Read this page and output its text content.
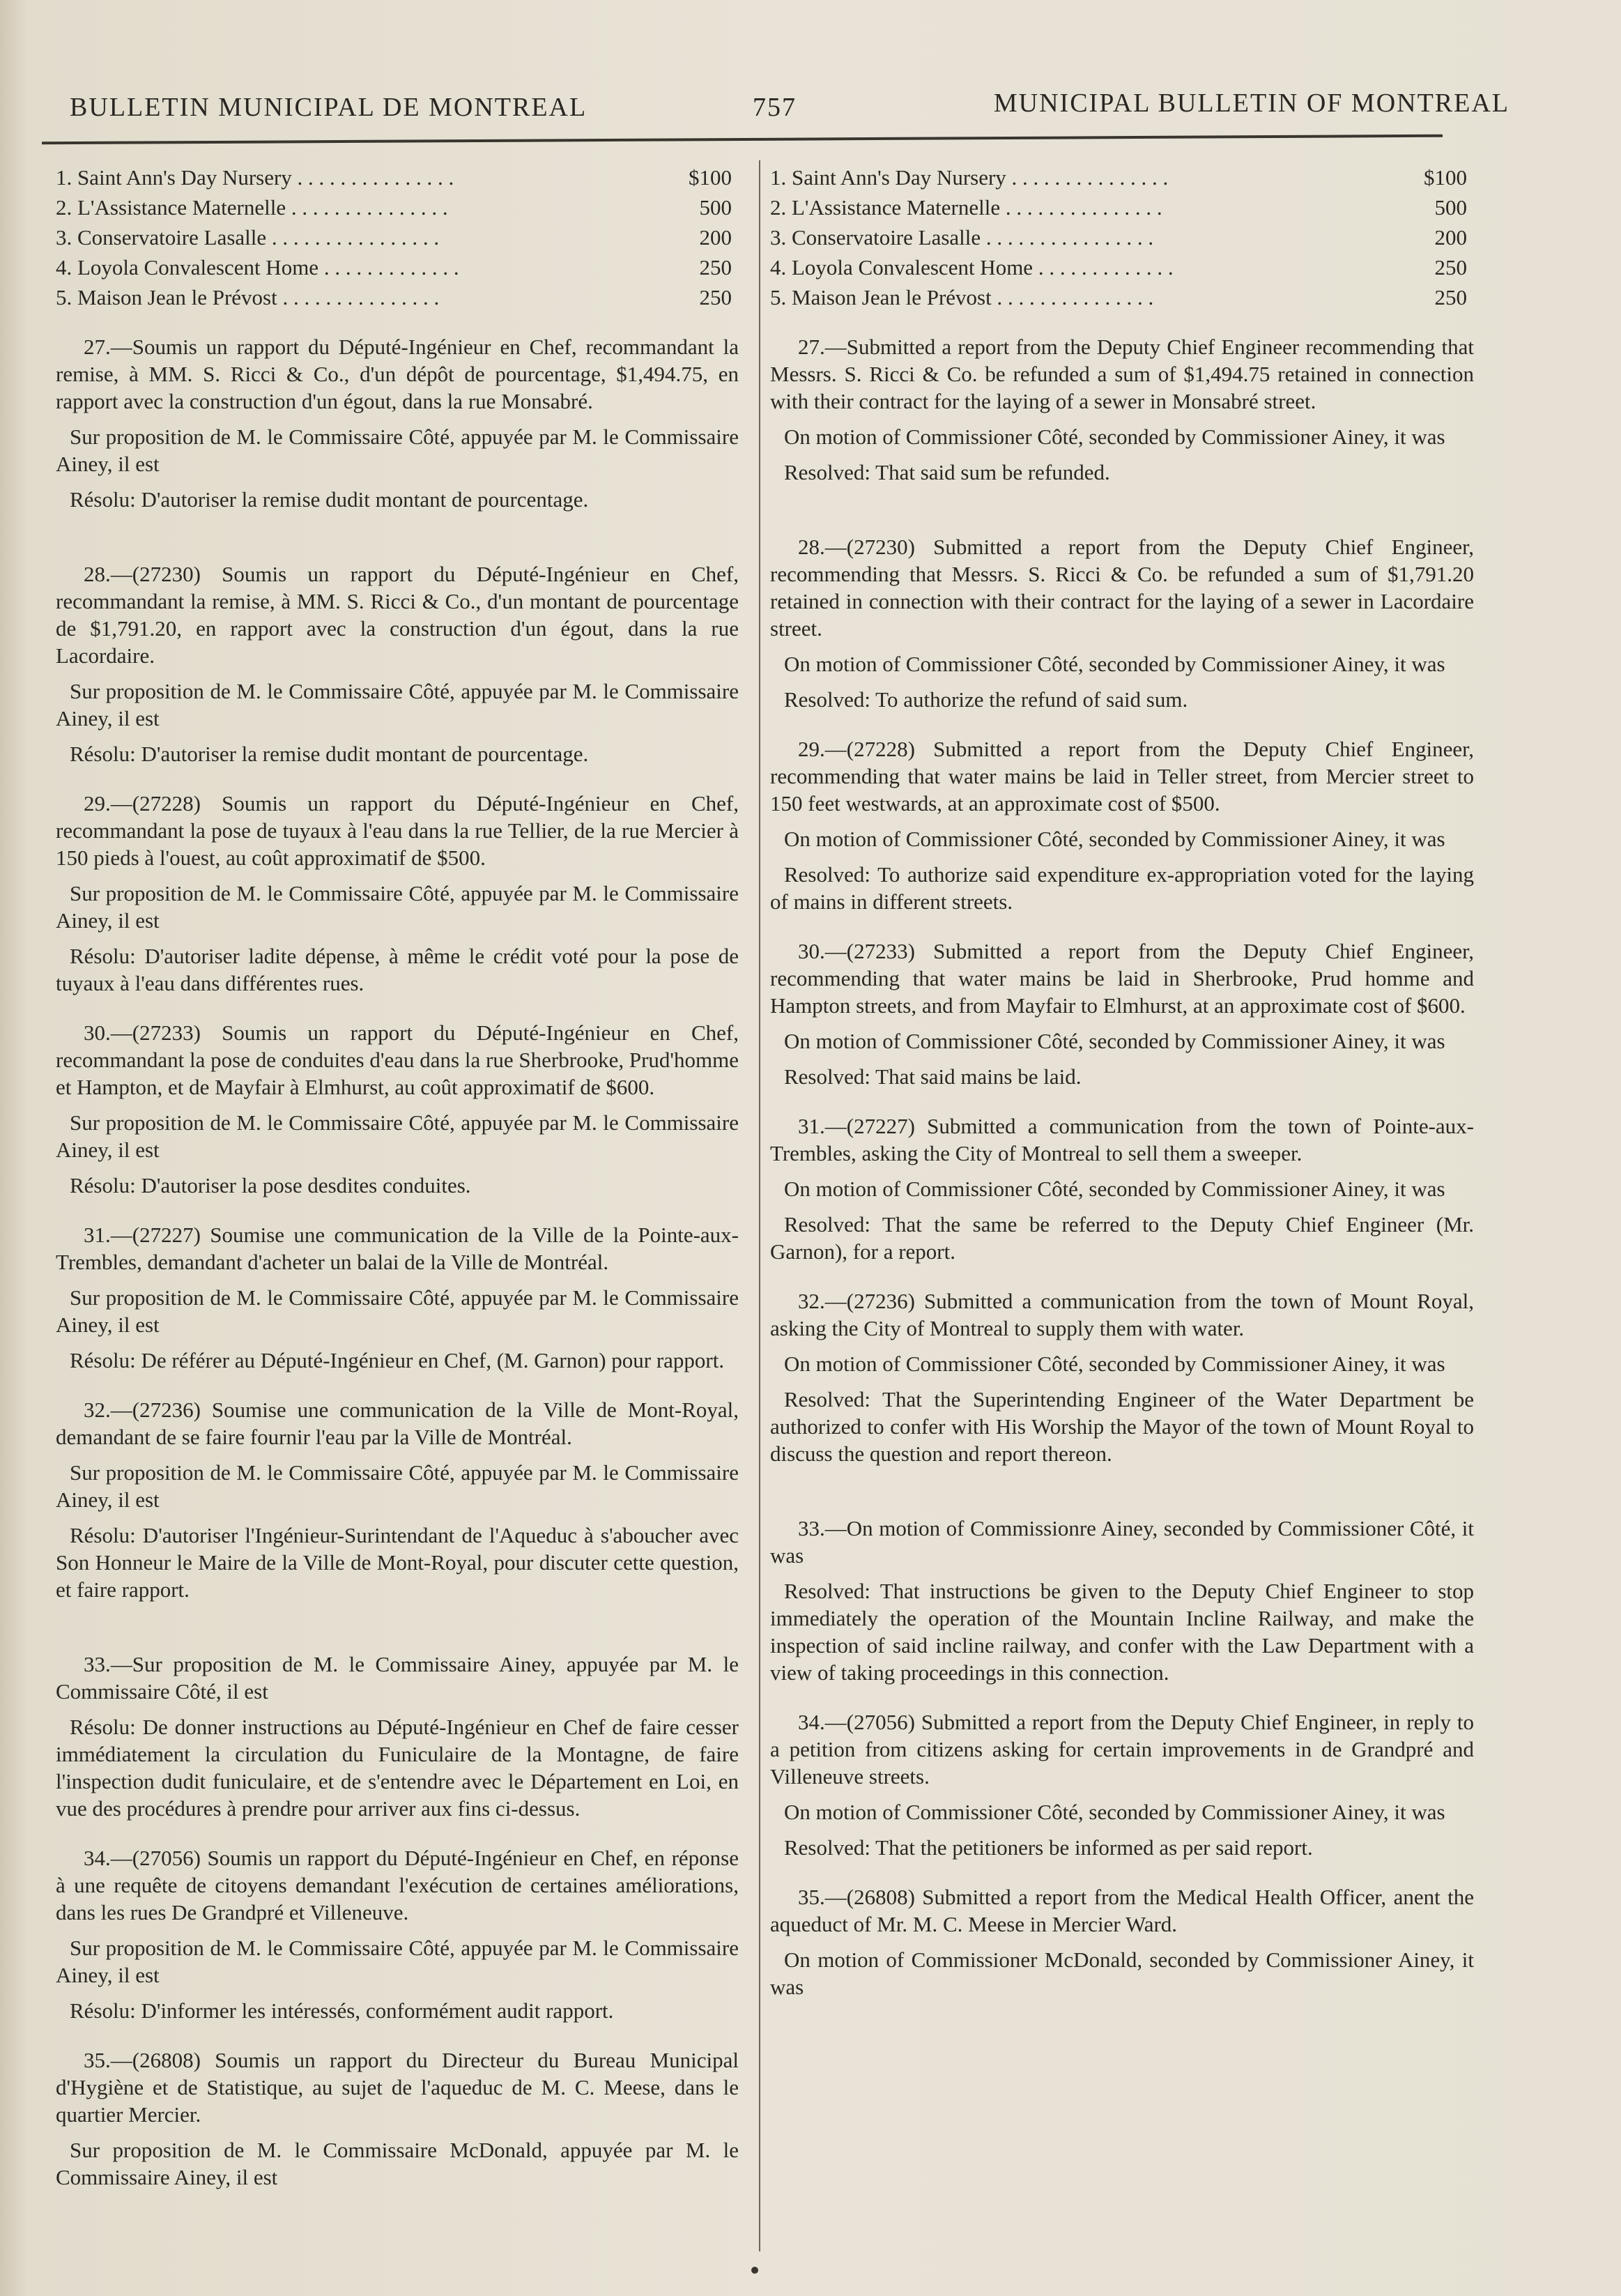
BULLETIN MUNICIPAL DE MONTREAL	757	MUNICIPAL BULLETIN OF MONTREAL
1. Saint Ann's Day Nursery . . . . . . . . . . . . . . .	$100
2. L'Assistance Maternelle . . . . . . . . . . . . . . .	500
3. Conservatoire Lasalle . . . . . . . . . . . . . . . .	200
4. Loyola Convalescent Home . . . . . . . . . . . . .	250
5. Maison Jean le Prévost . . . . . . . . . . . . . . .	250

27.—Soumis un rapport du Député-Ingénieur en Chef, recommandant la remise, à MM. S. Ricci & Co., d'un dépôt de pourcentage, $1,494.75, en rapport avec la construction d'un égout, dans la rue Monsabré.

Sur proposition de M. le Commissaire Côté, appuyée par M. le Commissaire Ainey, il est

Résolu: D'autoriser la remise dudit montant de pourcentage.

28.—(27230) Soumis un rapport du Député-Ingénieur en Chef, recommandant la remise, à MM. S. Ricci & Co., d'un montant de pourcentage de $1,791.20, en rapport avec la construction d'un égout, dans la rue Lacordaire.

Sur proposition de M. le Commissaire Côté, appuyée par M. le Commissaire Ainey, il est

Résolu: D'autoriser la remise dudit montant de pourcentage.

29.—(27228) Soumis un rapport du Député-Ingénieur en Chef, recommandant la pose de tuyaux à l'eau dans la rue Tellier, de la rue Mercier à 150 pieds à l'ouest, au coût approximatif de $500.

Sur proposition de M. le Commissaire Côté, appuyée par M. le Commissaire Ainey, il est

Résolu: D'autoriser ladite dépense, à même le crédit voté pour la pose de tuyaux à l'eau dans différentes rues.

30.—(27233) Soumis un rapport du Député-Ingénieur en Chef, recommandant la pose de conduites d'eau dans la rue Sherbrooke, Prud'homme et Hampton, et de Mayfair à Elmhurst, au coût approximatif de $600.

Sur proposition de M. le Commissaire Côté, appuyée par M. le Commissaire Ainey, il est

Résolu: D'autoriser la pose desdites conduites.

31.—(27227) Soumise une communication de la Ville de la Pointe-aux-Trembles, demandant d'acheter un balai de la Ville de Montréal.

Sur proposition de M. le Commissaire Côté, appuyée par M. le Commissaire Ainey, il est

Résolu: De référer au Député-Ingénieur en Chef, (M. Garnon) pour rapport.

32.—(27236) Soumise une communication de la Ville de Mont-Royal, demandant de se faire fournir l'eau par la Ville de Montréal.

Sur proposition de M. le Commissaire Côté, appuyée par M. le Commissaire Ainey, il est

Résolu: D'autoriser l'Ingénieur-Surintendant de l'Aqueduc à s'aboucher avec Son Honneur le Maire de la Ville de Mont-Royal, pour discuter cette question, et faire rapport.

33.—Sur proposition de M. le Commissaire Ainey, appuyée par M. le Commissaire Côté, il est

Résolu: De donner instructions au Député-Ingénieur en Chef de faire cesser immédiatement la circulation du Funiculaire de la Montagne, de faire l'inspection dudit funiculaire, et de s'entendre avec le Département en Loi, en vue des procédures à prendre pour arriver aux fins ci-dessus.

34.—(27056) Soumis un rapport du Député-Ingénieur en Chef, en réponse à une requête de citoyens demandant l'exécution de certaines améliorations, dans les rues De Grandpré et Villeneuve.

Sur proposition de M. le Commissaire Côté, appuyée par M. le Commissaire Ainey, il est

Résolu: D'informer les intéressés, conformément audit rapport.

35.—(26808) Soumis un rapport du Directeur du Bureau Municipal d'Hygiène et de Statistique, au sujet de l'aqueduc de M. C. Meese, dans le quartier Mercier.

Sur proposition de M. le Commissaire McDonald, appuyée par M. le Commissaire Ainey, il est

1. Saint Ann's Day Nursery . . . . . . . . . . . . . . .	$100
2. L'Assistance Maternelle . . . . . . . . . . . . . . .	500
3. Conservatoire Lasalle . . . . . . . . . . . . . . . .	200
4. Loyola Convalescent Home . . . . . . . . . . . . .	250
5. Maison Jean le Prévost . . . . . . . . . . . . . . .	250

27.—Submitted a report from the Deputy Chief Engineer recommending that Messrs. S. Ricci & Co. be refunded a sum of $1,494.75 retained in connection with their contract for the laying of a sewer in Monsabré street.

On motion of Commissioner Côté, seconded by Commissioner Ainey, it was

Resolved: That said sum be refunded.

28.—(27230) Submitted a report from the Deputy Chief Engineer, recommending that Messrs. S. Ricci & Co. be refunded a sum of $1,791.20 retained in connection with their contract for the laying of a sewer in Lacordaire street.

On motion of Commissioner Côté, seconded by Commissioner Ainey, it was

Resolved: To authorize the refund of said sum.

29.—(27228) Submitted a report from the Deputy Chief Engineer, recommending that water mains be laid in Teller street, from Mercier street to 150 feet westwards, at an approximate cost of $500.

On motion of Commissioner Côté, seconded by Commissioner Ainey, it was

Resolved: To authorize said expenditure ex-appropriation voted for the laying of mains in different streets.

30.—(27233) Submitted a report from the Deputy Chief Engineer, recommending that water mains be laid in Sherbrooke, Prud homme and Hampton streets, and from Mayfair to Elmhurst, at an approximate cost of $600.

On motion of Commissioner Côté, seconded by Commissioner Ainey, it was

Resolved: That said mains be laid.

31.—(27227) Submitted a communication from the town of Pointe-aux-Trembles, asking the City of Montreal to sell them a sweeper.

On motion of Commissioner Côté, seconded by Commissioner Ainey, it was

Resolved: That the same be referred to the Deputy Chief Engineer (Mr. Garnon), for a report.

32.—(27236) Submitted a communication from the town of Mount Royal, asking the City of Montreal to supply them with water.

On motion of Commissioner Côté, seconded by Commissioner Ainey, it was

Resolved: That the Superintending Engineer of the Water Department be authorized to confer with His Worship the Mayor of the town of Mount Royal to discuss the question and report thereon.

33.—On motion of Commissionre Ainey, seconded by Commissioner Côté, it was

Resolved: That instructions be given to the Deputy Chief Engineer to stop immediately the operation of the Mountain Incline Railway, and make the inspection of said incline railway, and confer with the Law Department with a view of taking proceedings in this connection.

34.—(27056) Submitted a report from the Deputy Chief Engineer, in reply to a petition from citizens asking for certain improvements in de Grandpré and Villeneuve streets.

On motion of Commissioner Côté, seconded by Commissioner Ainey, it was

Resolved: That the petitioners be informed as per said report.

35.—(26808) Submitted a report from the Medical Health Officer, anent the aqueduct of Mr. M. C. Meese in Mercier Ward.

On motion of Commissioner McDonald, seconded by Commissioner Ainey, it was
